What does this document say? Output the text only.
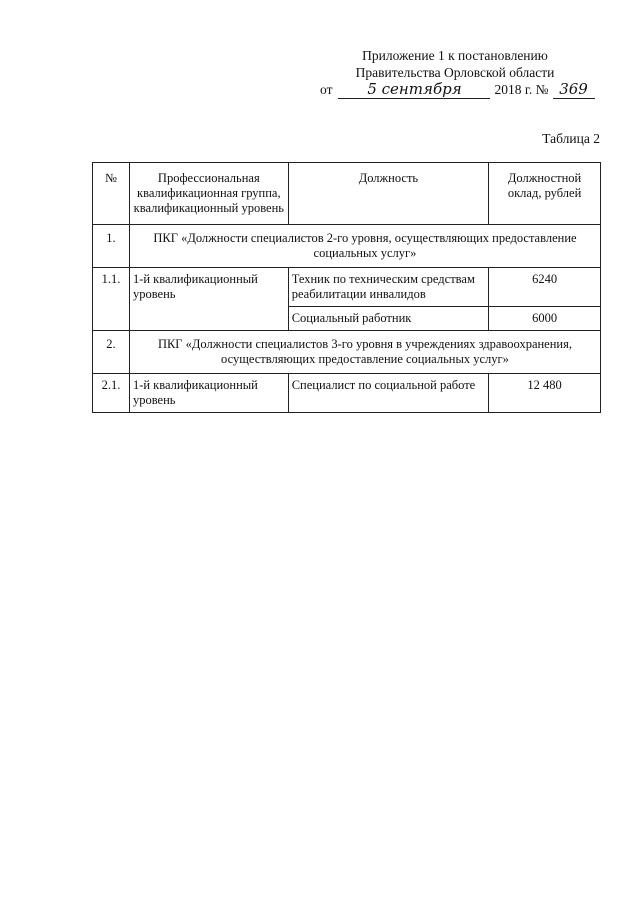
Приложение 1 к постановлению
Правительства Орловской области
от 5 сентября 2018 г. № 369
Таблица 2
№	Профессиональная квалификационная группа, квалификационный уровень	Должность	Должностной оклад, рублей
1.	ПКГ «Должности специалистов 2-го уровня, осуществляющих предоставление социальных услуг»		
1.1.	1-й квалификационный уровень	Техник по техническим средствам реабилитации инвалидов	6240
		Социальный работник	6000
2.	ПКГ «Должности специалистов 3-го уровня в учреждениях здравоохранения, осуществляющих предоставление социальных услуг»		
2.1.	1-й квалификационный уровень	Специалист по социальной работе	12 480
